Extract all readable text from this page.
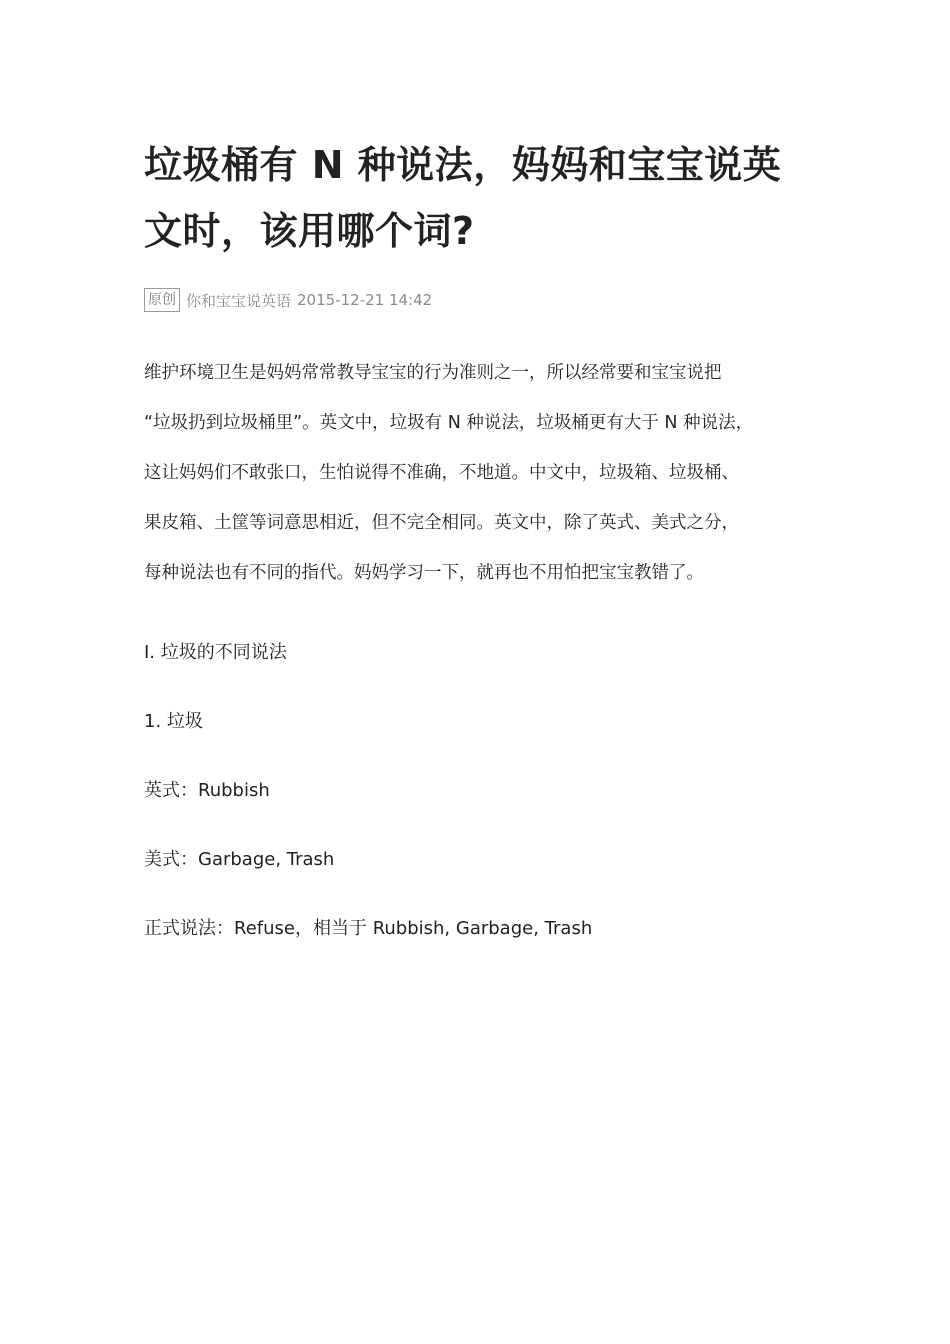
垃圾桶有 N 种说法，妈妈和宝宝说英
文时，该用哪个词?
原创 你和宝宝说英语 2015-12-21 14:42

维护环境卫生是妈妈常常教导宝宝的行为准则之一，所以经常要和宝宝说把
“垃圾扔到垃圾桶里”。英文中，垃圾有 N 种说法，垃圾桶更有大于 N 种说法，
这让妈妈们不敢张口，生怕说得不准确，不地道。中文中，垃圾箱、垃圾桶、
果皮箱、土筐等词意思相近，但不完全相同。英文中，除了英式、美式之分，
每种说法也有不同的指代。妈妈学习一下，就再也不用怕把宝宝教错了。

I. 垃圾的不同说法

1. 垃圾

英式：Rubbish

美式：Garbage, Trash

正式说法：Refuse，相当于 Rubbish, Garbage, Trash
